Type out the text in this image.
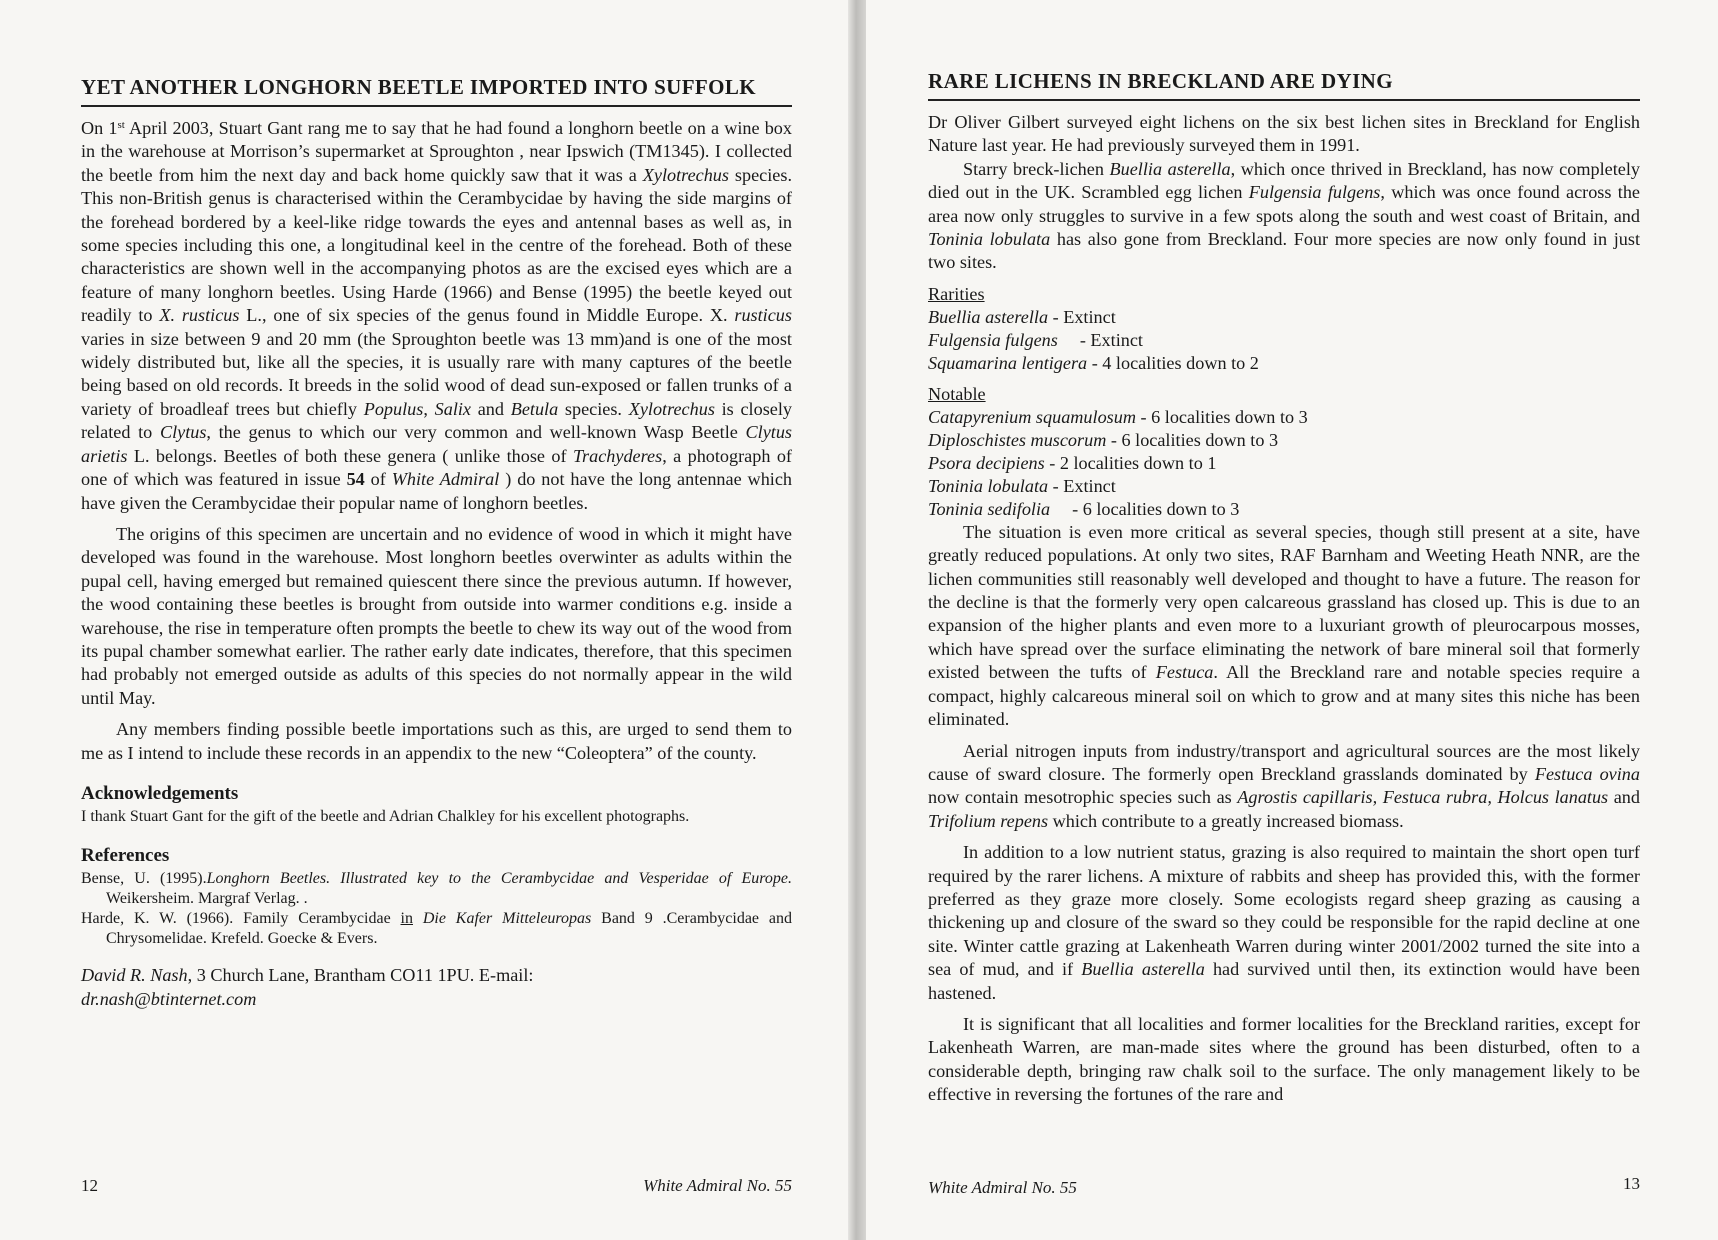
YET ANOTHER LONGHORN BEETLE IMPORTED INTO SUFFOLK

On 1st April 2003, Stuart Gant rang me to say that he had found a longhorn beetle on a wine box in the warehouse at Morrison’s supermarket at Sproughton , near Ipswich (TM1345). I collected the beetle from him the next day and back home quickly saw that it was a Xylotrechus species. This non-British genus is characterised within the Cerambycidae by having the side margins of the forehead bordered by a keel-like ridge towards the eyes and antennal bases as well as, in some species including this one, a longitudinal keel in the centre of the forehead. Both of these characteristics are shown well in the accompanying photos as are the excised eyes which are a feature of many longhorn beetles. Using Harde (1966) and Bense (1995) the beetle keyed out readily to X. rusticus L., one of six species of the genus found in Middle Europe. X. rusticus varies in size between 9 and 20 mm (the Sproughton beetle was 13 mm)and is one of the most widely distributed but, like all the species, it is usually rare with many captures of the beetle being based on old records. It breeds in the solid wood of dead sun-exposed or fallen trunks of a variety of broadleaf trees but chiefly Populus, Salix and Betula species. Xylotrechus is closely related to Clytus, the genus to which our very common and well-known Wasp Beetle Clytus arietis L. belongs. Beetles of both these genera ( unlike those of Trachyderes, a photograph of one of which was featured in issue 54 of White Admiral ) do not have the long antennae which have given the Cerambycidae their popular name of longhorn beetles.

The origins of this specimen are uncertain and no evidence of wood in which it might have developed was found in the warehouse. Most longhorn beetles overwinter as adults within the pupal cell, having emerged but remained quiescent there since the previous autumn. If however, the wood containing these beetles is brought from outside into warmer conditions e.g. inside a warehouse, the rise in temperature often prompts the beetle to chew its way out of the wood from its pupal chamber somewhat earlier. The rather early date indicates, therefore, that this specimen had probably not emerged outside as adults of this species do not normally appear in the wild until May.

Any members finding possible beetle importations such as this, are urged to send them to me as I intend to include these records in an appendix to the new “Coleoptera” of the county.

Acknowledgements

I thank Stuart Gant for the gift of the beetle and Adrian Chalkley for his excellent photographs.

References

Bense, U. (1995).Longhorn Beetles. Illustrated key to the Cerambycidae and Vesperidae of Europe. Weikersheim. Margraf Verlag. .

Harde, K. W. (1966). Family Cerambycidae in Die Kafer Mitteleuropas Band 9 .Cerambycidae and Chrysomelidae. Krefeld. Goecke & Evers.

David R. Nash, 3 Church Lane, Brantham CO11 1PU. E-mail:
dr.nash@btinternet.com
12	White Admiral No. 55
RARE LICHENS IN BRECKLAND ARE DYING

Dr Oliver Gilbert surveyed eight lichens on the six best lichen sites in Breckland for English Nature last year. He had previously surveyed them in 1991.

Starry breck-lichen Buellia asterella, which once thrived in Breckland, has now completely died out in the UK. Scrambled egg lichen Fulgensia fulgens, which was once found across the area now only struggles to survive in a few spots along the south and west coast of Britain, and Toninia lobulata has also gone from Breckland. Four more species are now only found in just two sites.

Rarities
Buellia asterella - Extinct
Fulgensia fulgens - Extinct
Squamarina lentigera - 4 localities down to 2
Notable
Catapyrenium squamulosum - 6 localities down to 3
Diploschistes muscorum - 6 localities down to 3
Psora decipiens - 2 localities down to 1
Toninia lobulata - Extinct
Toninia sedifolia - 6 localities down to 3

The situation is even more critical as several species, though still present at a site, have greatly reduced populations. At only two sites, RAF Barnham and Weeting Heath NNR, are the lichen communities still reasonably well developed and thought to have a future. The reason for the decline is that the formerly very open calcareous grassland has closed up. This is due to an expansion of the higher plants and even more to a luxuriant growth of pleurocarpous mosses, which have spread over the surface eliminating the network of bare mineral soil that formerly existed between the tufts of Festuca. All the Breckland rare and notable species require a compact, highly calcareous mineral soil on which to grow and at many sites this niche has been eliminated.

Aerial nitrogen inputs from industry/transport and agricultural sources are the most likely cause of sward closure. The formerly open Breckland grasslands dominated by Festuca ovina now contain mesotrophic species such as Agrostis capillaris, Festuca rubra, Holcus lanatus and Trifolium repens which contribute to a greatly increased biomass.

In addition to a low nutrient status, grazing is also required to maintain the short open turf required by the rarer lichens. A mixture of rabbits and sheep has provided this, with the former preferred as they graze more closely. Some ecologists regard sheep grazing as causing a thickening up and closure of the sward so they could be responsible for the rapid decline at one site. Winter cattle grazing at Lakenheath Warren during winter 2001/2002 turned the site into a sea of mud, and if Buellia asterella had survived until then, its extinction would have been hastened.

It is significant that all localities and former localities for the Breckland rarities, except for Lakenheath Warren, are man-made sites where the ground has been disturbed, often to a considerable depth, bringing raw chalk soil to the surface. The only management likely to be effective in reversing the fortunes of the rare and

White Admiral No. 55	13
